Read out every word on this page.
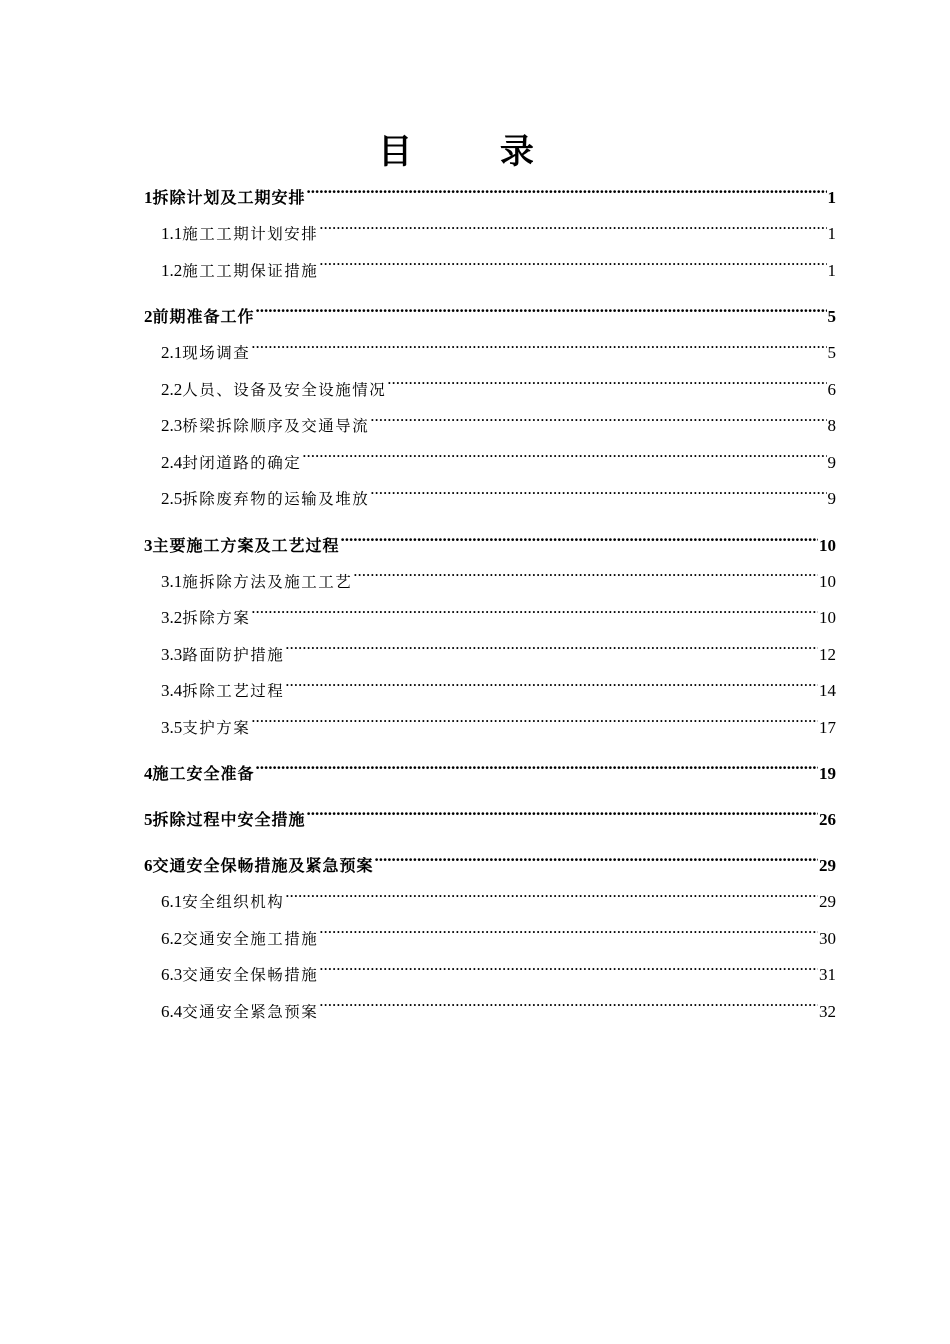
目 录
1 拆除计划及工期安排 .....	1
1.1 施工工期计划安排 .....	1
1.2 施工工期保证措施 .....	1
2 前期准备工作 .....	5
2.1 现场调查 .....	5
2.2 人员、设备及安全设施情况 .....	6
2.3 桥梁拆除顺序及交通导流 .....	8
2.4 封闭道路的确定 .....	9
2.5 拆除废弃物的运输及堆放 .....	9
3 主要施工方案及工艺过程 .....	10
3.1 施拆除方法及施工工艺 .....	10
3.2 拆除方案 .....	10
3.3 路面防护措施 .....	12
3.4 拆除工艺过程 .....	14
3.5 支护方案 .....	17
4 施工安全准备 .....	19
5 拆除过程中安全措施 .....	26
6 交通安全保畅措施及紧急预案 .....	29
6.1 安全组织机构 .....	29
6.2 交通安全施工措施 .....	30
6.3 交通安全保畅措施 .....	31
6.4 交通安全紧急预案 .....	32
